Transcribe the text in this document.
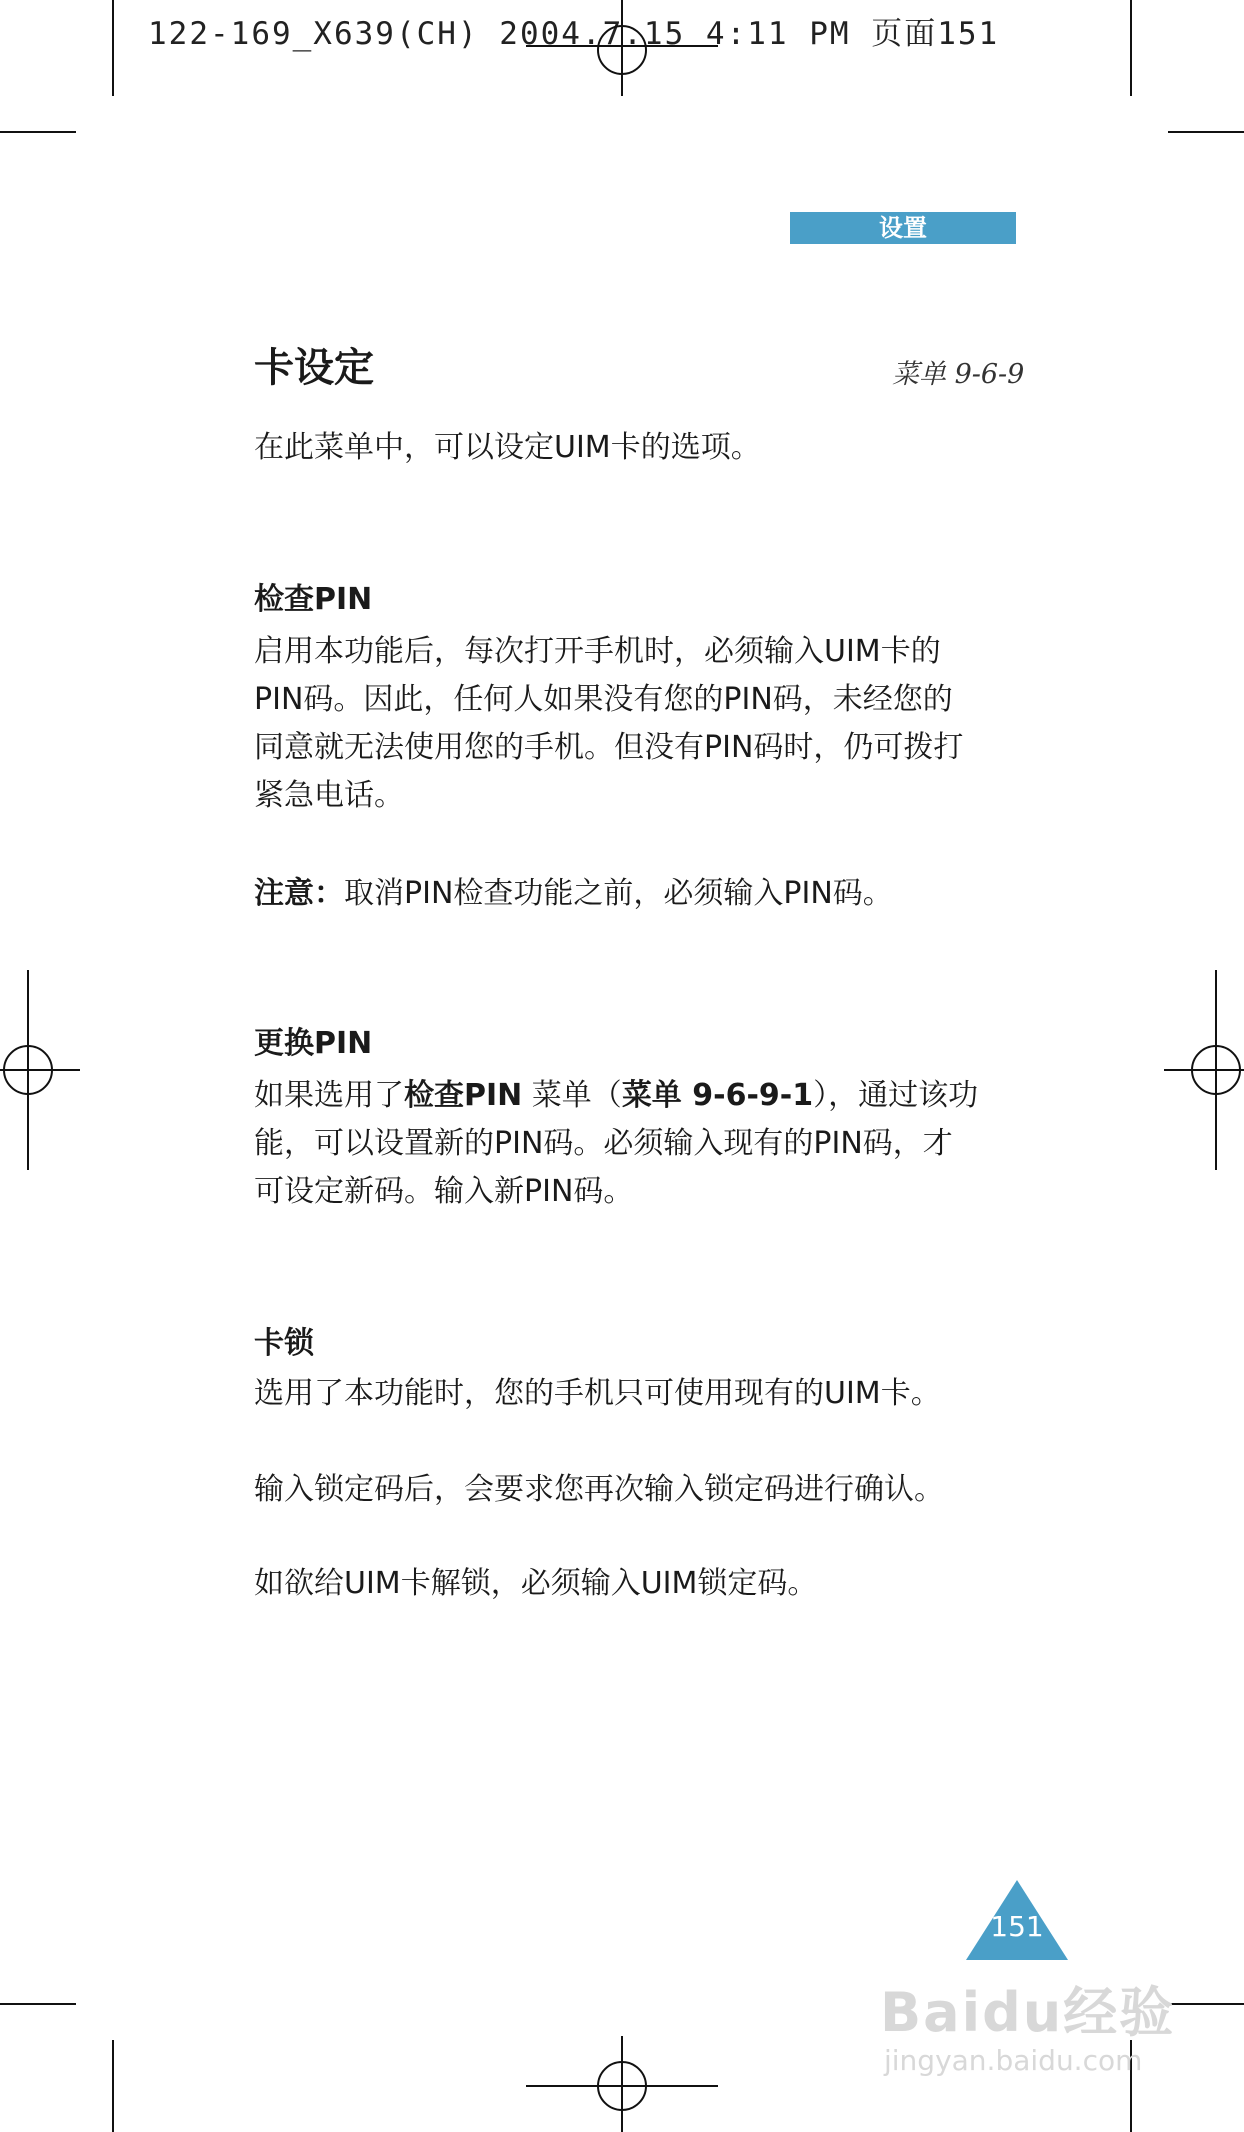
122-169_X639(CH) 2004.7.15 4:11 PM 页面151
设置
卡设定	菜单 9-6-9
在此菜单中，可以设定UIM卡的选项。
检查PIN
启用本功能后，每次打开手机时，必须输入UIM卡的
PIN码。因此，任何人如果没有您的PIN码，未经您的
同意就无法使用您的手机。但没有PIN码时，仍可拨打
紧急电话。
注意：取消PIN检查功能之前，必须输入PIN码。
更换PIN
如果选用了检查PIN 菜单（菜单 9-6-9-1），通过该功
能，可以设置新的PIN码。必须输入现有的PIN码，才
可设定新码。输入新PIN码。
卡锁
选用了本功能时，您的手机只可使用现有的UIM卡。
输入锁定码后，会要求您再次输入锁定码进行确认。
如欲给UIM卡解锁，必须输入UIM锁定码。
151
Baidu经验
jingyan.baidu.com
